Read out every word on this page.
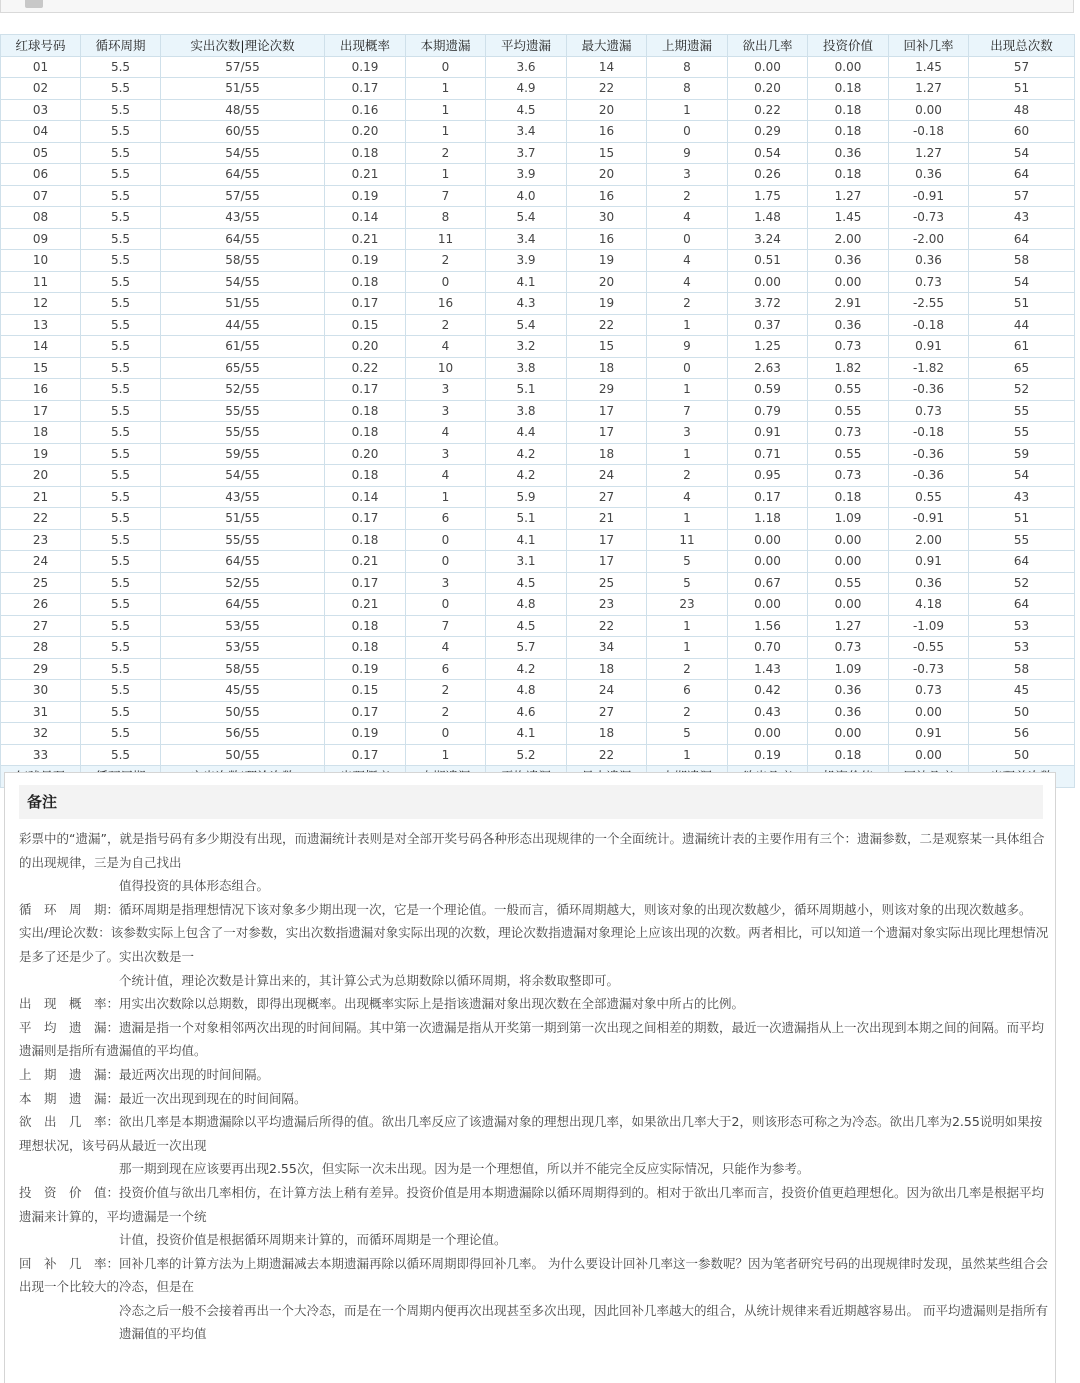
红球号码	循环周期	实出次数|理论次数	出现概率	本期遗漏	平均遗漏	最大遗漏	上期遗漏	欲出几率	投资价值	回补几率	出现总次数
01	5.5	57/55	0.19	0	3.6	14	8	0.00	0.00	1.45	57
02	5.5	51/55	0.17	1	4.9	22	8	0.20	0.18	1.27	51
03	5.5	48/55	0.16	1	4.5	20	1	0.22	0.18	0.00	48
04	5.5	60/55	0.20	1	3.4	16	0	0.29	0.18	-0.18	60
05	5.5	54/55	0.18	2	3.7	15	9	0.54	0.36	1.27	54
06	5.5	64/55	0.21	1	3.9	20	3	0.26	0.18	0.36	64
07	5.5	57/55	0.19	7	4.0	16	2	1.75	1.27	-0.91	57
08	5.5	43/55	0.14	8	5.4	30	4	1.48	1.45	-0.73	43
09	5.5	64/55	0.21	11	3.4	16	0	3.24	2.00	-2.00	64
10	5.5	58/55	0.19	2	3.9	19	4	0.51	0.36	0.36	58
11	5.5	54/55	0.18	0	4.1	20	4	0.00	0.00	0.73	54
12	5.5	51/55	0.17	16	4.3	19	2	3.72	2.91	-2.55	51
13	5.5	44/55	0.15	2	5.4	22	1	0.37	0.36	-0.18	44
14	5.5	61/55	0.20	4	3.2	15	9	1.25	0.73	0.91	61
15	5.5	65/55	0.22	10	3.8	18	0	2.63	1.82	-1.82	65
16	5.5	52/55	0.17	3	5.1	29	1	0.59	0.55	-0.36	52
17	5.5	55/55	0.18	3	3.8	17	7	0.79	0.55	0.73	55
18	5.5	55/55	0.18	4	4.4	17	3	0.91	0.73	-0.18	55
19	5.5	59/55	0.20	3	4.2	18	1	0.71	0.55	-0.36	59
20	5.5	54/55	0.18	4	4.2	24	2	0.95	0.73	-0.36	54
21	5.5	43/55	0.14	1	5.9	27	4	0.17	0.18	0.55	43
22	5.5	51/55	0.17	6	5.1	21	1	1.18	1.09	-0.91	51
23	5.5	55/55	0.18	0	4.1	17	11	0.00	0.00	2.00	55
24	5.5	64/55	0.21	0	3.1	17	5	0.00	0.00	0.91	64
25	5.5	52/55	0.17	3	4.5	25	5	0.67	0.55	0.36	52
26	5.5	64/55	0.21	0	4.8	23	23	0.00	0.00	4.18	64
27	5.5	53/55	0.18	7	4.5	22	1	1.56	1.27	-1.09	53
28	5.5	53/55	0.18	4	5.7	34	1	0.70	0.73	-0.55	53
29	5.5	58/55	0.19	6	4.2	18	2	1.43	1.09	-0.73	58
30	5.5	45/55	0.15	2	4.8	24	6	0.42	0.36	0.73	45
31	5.5	50/55	0.17	2	4.6	27	2	0.43	0.36	0.00	50
32	5.5	56/55	0.19	0	4.1	18	5	0.00	0.00	0.91	56
33	5.5	50/55	0.17	1	5.2	22	1	0.19	0.18	0.00	50

备注

彩票中的“遗漏”，就是指号码有多少期没有出现，而遗漏统计表则是对全部开奖号码各种形态出现规律的一个全面统计。遗漏统计表的主要作用有三个：遗漏参数，二是观察某一具体组合的出现规律，三是为自己找出

值得投资的具体形态组合。

循　环　周　期：循环周期是指理想情况下该对象多少期出现一次，它是一个理论值。一般而言，循环周期越大，则该对象的出现次数越少，循环周期越小，则该对象的出现次数越多。

实出/理论次数：该参数实际上包含了一对参数，实出次数指遗漏对象实际出现的次数，理论次数指遗漏对象理论上应该出现的次数。两者相比，可以知道一个遗漏对象实际出现比理想情况是多了还是少了。实出次数是一

个统计值，理论次数是计算出来的，其计算公式为总期数除以循环周期，将余数取整即可。

出　现　概　率：用实出次数除以总期数，即得出现概率。出现概率实际上是指该遗漏对象出现次数在全部遗漏对象中所占的比例。

平　均　遗　漏：遗漏是指一个对象相邻两次出现的时间间隔。其中第一次遗漏是指从开奖第一期到第一次出现之间相差的期数，最近一次遗漏指从上一次出现到本期之间的间隔。而平均遗漏则是指所有遗漏值的平均值。

上　期　遗　漏：最近两次出现的时间间隔。

本　期　遗　漏：最近一次出现到现在的时间间隔。

欲　出　几　率：欲出几率是本期遗漏除以平均遗漏后所得的值。欲出几率反应了该遗漏对象的理想出现几率，如果欲出几率大于2，则该形态可称之为冷态。欲出几率为2.55说明如果按理想状况，该号码从最近一次出现

那一期到现在应该要再出现2.55次，但实际一次未出现。因为是一个理想值，所以并不能完全反应实际情况，只能作为参考。

投　资　价　值：投资价值与欲出几率相仿，在计算方法上稍有差异。投资价值是用本期遗漏除以循环周期得到的。相对于欲出几率而言，投资价值更趋理想化。因为欲出几率是根据平均遗漏来计算的，平均遗漏是一个统

计值，投资价值是根据循环周期来计算的，而循环周期是一个理论值。

回　补　几　率：回补几率的计算方法为上期遗漏减去本期遗漏再除以循环周期即得回补几率。 为什么要设计回补几率这一参数呢？因为笔者研究号码的出现规律时发现，虽然某些组合会出现一个比较大的冷态，但是在

冷态之后一般不会接着再出一个大冷态，而是在一个周期内便再次出现甚至多次出现，因此回补几率越大的组合，从统计规律来看近期越容易出。 而平均遗漏则是指所有遗漏值的平均值
